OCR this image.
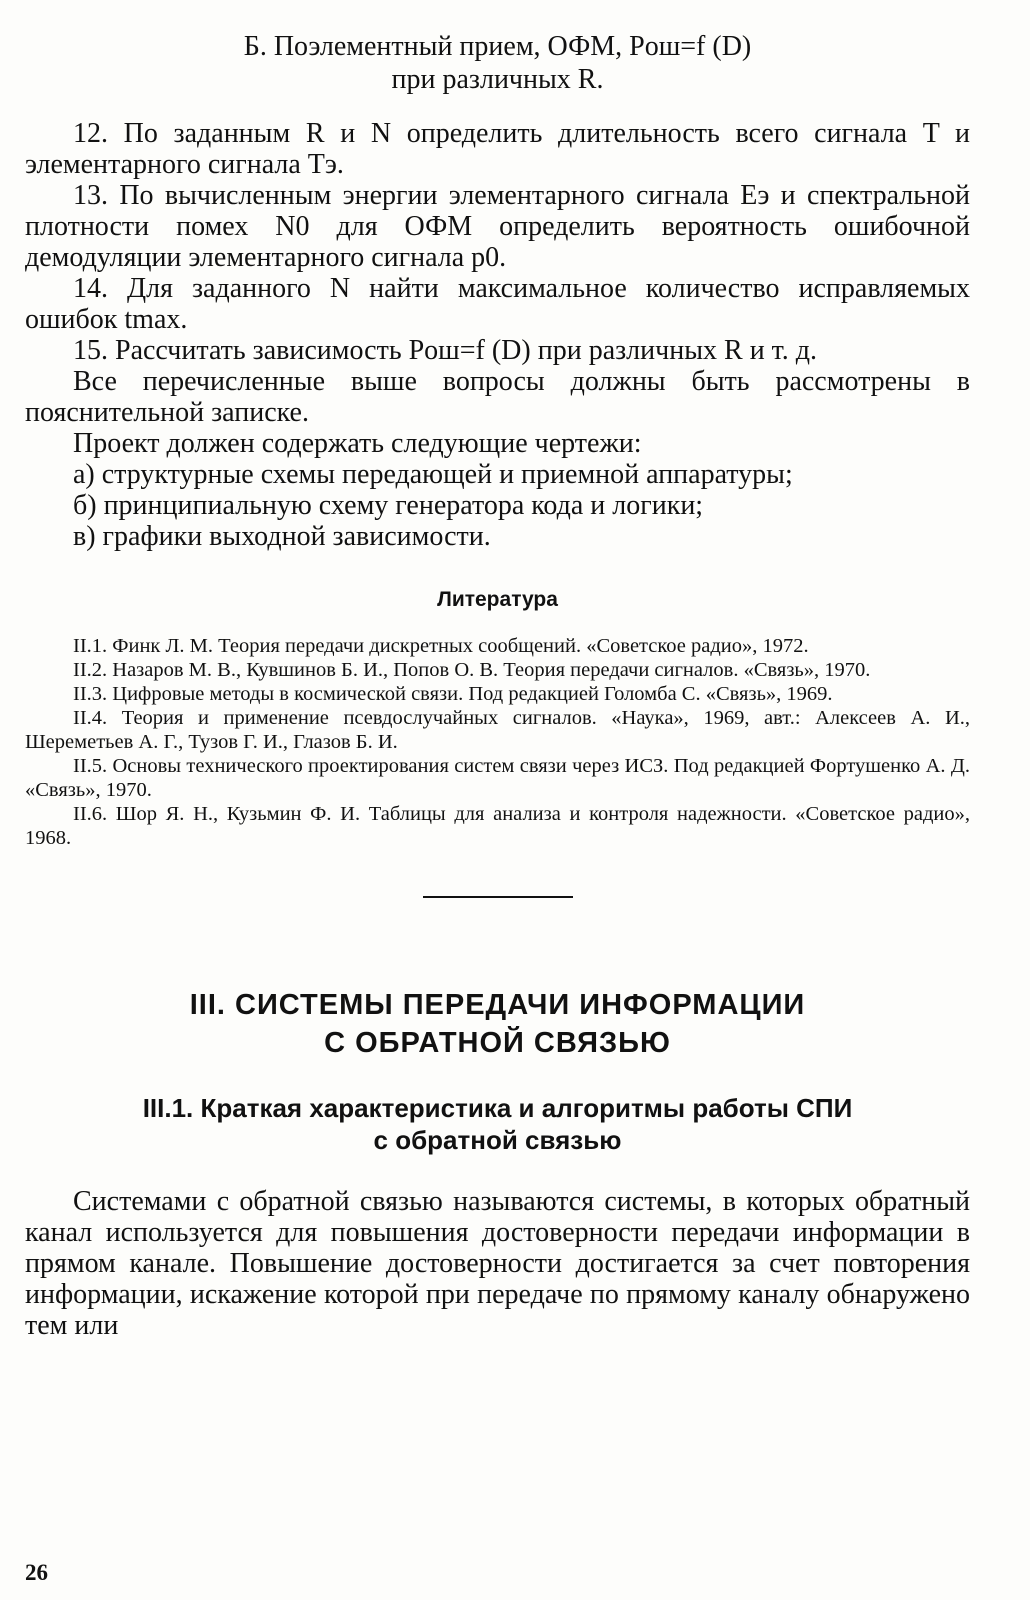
Б. Поэлементный прием, ОФМ, Pош=f (D)
при различных R.

12. По заданным R и N определить длительность всего сигнала T и элементарного сигнала Tэ.

13. По вычисленным энергии элементарного сигнала Eэ и спектральной плотности помех N0 для ОФМ определить вероятность ошибочной демодуляции элементарного сигнала p0.

14. Для заданного N найти максимальное количество исправляемых ошибок tmax.

15. Рассчитать зависимость Pош=f (D) при различных R и т. д.

Все перечисленные выше вопросы должны быть рассмотрены в пояснительной записке.

Проект должен содержать следующие чертежи:

а) структурные схемы передающей и приемной аппаратуры;
б) принципиальную схему генератора кода и логики;
в) графики выходной зависимости.
Литература

II.1. Финк Л. М. Теория передачи дискретных сообщений. «Советское радио», 1972.

II.2. Назаров М. В., Кувшинов Б. И., Попов О. В. Теория передачи сигналов. «Связь», 1970.

II.3. Цифровые методы в космической связи. Под редакцией Голомба С. «Связь», 1969.

II.4. Теория и применение псевдослучайных сигналов. «Наука», 1969, авт.: Алексеев А. И., Шереметьев А. Г., Тузов Г. И., Глазов Б. И.

II.5. Основы технического проектирования систем связи через ИСЗ. Под редакцией Фортушенко А. Д. «Связь», 1970.

II.6. Шор Я. Н., Кузьмин Ф. И. Таблицы для анализа и контроля надежности. «Советское радио», 1968.

III. СИСТЕМЫ ПЕРЕДАЧИ ИНФОРМАЦИИ
С ОБРАТНОЙ СВЯЗЬЮ
III.1. Краткая характеристика и алгоритмы работы СПИ
с обратной связью

Системами с обратной связью называются системы, в которых обратный канал используется для повышения достоверности передачи информации в прямом канале. Повышение достоверности достигается за счет повторения информации, искажение которой при передаче по прямому каналу обнаружено тем или

26
